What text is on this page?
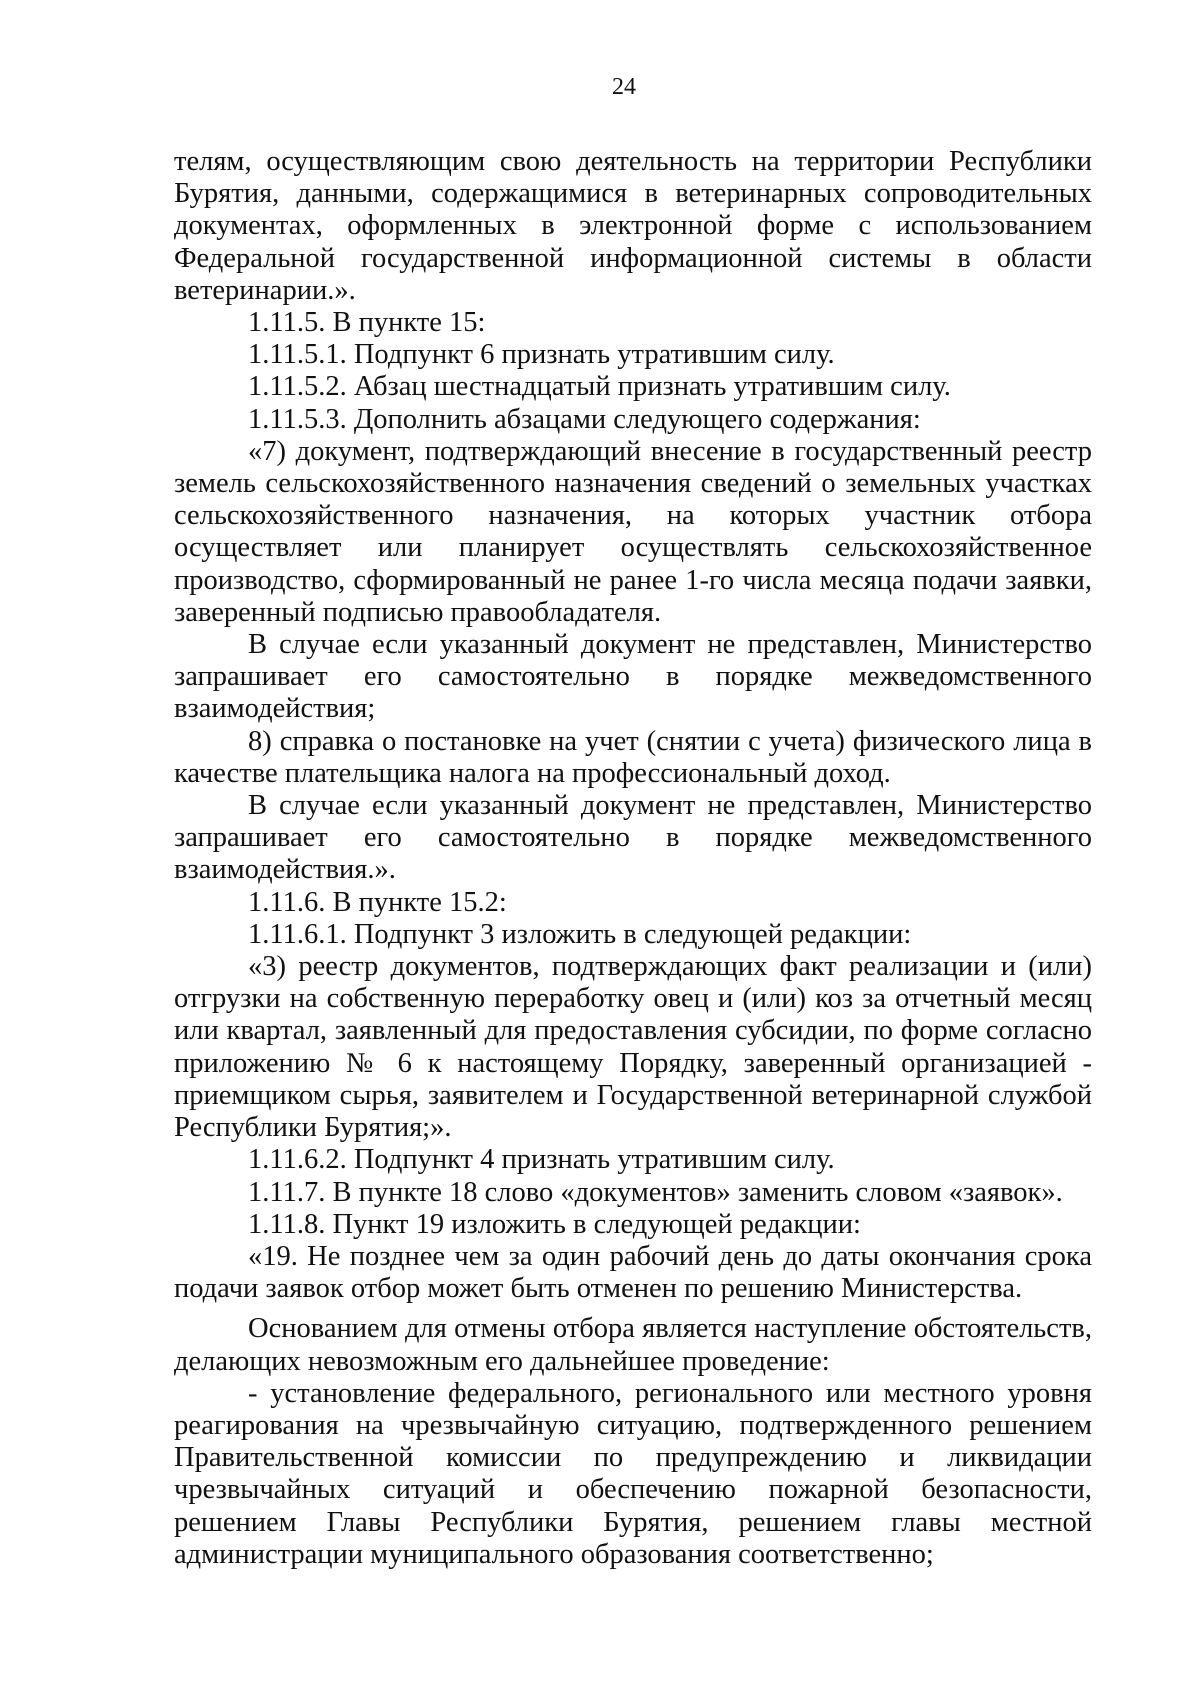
24

телям, осуществляющим свою деятельность на территории Республики Бурятия, данными, содержащимися в ветеринарных сопроводительных документах, оформленных в электронной форме с использованием Федеральной государственной информационной системы в области ветеринарии.».

1.11.5. В пункте 15:

1.11.5.1. Подпункт 6 признать утратившим силу.

1.11.5.2. Абзац шестнадцатый признать утратившим силу.

1.11.5.3. Дополнить абзацами следующего содержания:

«7) документ, подтверждающий внесение в государственный реестр земель сельскохозяйственного назначения сведений о земельных участках сельскохозяйственного назначения, на которых участник отбора осуществляет или планирует осуществлять сельскохозяйственное производство, сформированный не ранее 1-го числа месяца подачи заявки, заверенный подписью правообладателя.

В случае если указанный документ не представлен, Министерство запрашивает его самостоятельно в порядке межведомственного взаимодействия;

8) справка о постановке на учет (снятии с учета) физического лица в качестве плательщика налога на профессиональный доход.

В случае если указанный документ не представлен, Министерство запрашивает его самостоятельно в порядке межведомственного взаимодействия.».

1.11.6. В пункте 15.2:

1.11.6.1. Подпункт 3 изложить в следующей редакции:

«3) реестр документов, подтверждающих факт реализации и (или) отгрузки на собственную переработку овец и (или) коз за отчетный месяц или квартал, заявленный для предоставления субсидии, по форме согласно приложению № 6 к настоящему Порядку, заверенный организацией - приемщиком сырья, заявителем и Государственной ветеринарной службой Республики Бурятия;».

1.11.6.2. Подпункт 4 признать утратившим силу.

1.11.7. В пункте 18 слово «документов» заменить словом «заявок».

1.11.8. Пункт 19 изложить в следующей редакции:

«19. Не позднее чем за один рабочий день до даты окончания срока подачи заявок отбор может быть отменен по решению Министерства.

Основанием для отмены отбора является наступление обстоятельств, делающих невозможным его дальнейшее проведение:

- установление федерального, регионального или местного уровня реагирования на чрезвычайную ситуацию, подтвержденного решением Правительственной комиссии по предупреждению и ликвидации чрезвычайных ситуаций и обеспечению пожарной безопасности, решением Главы Республики Бурятия, решением главы местной администрации муниципального образования соответственно;
